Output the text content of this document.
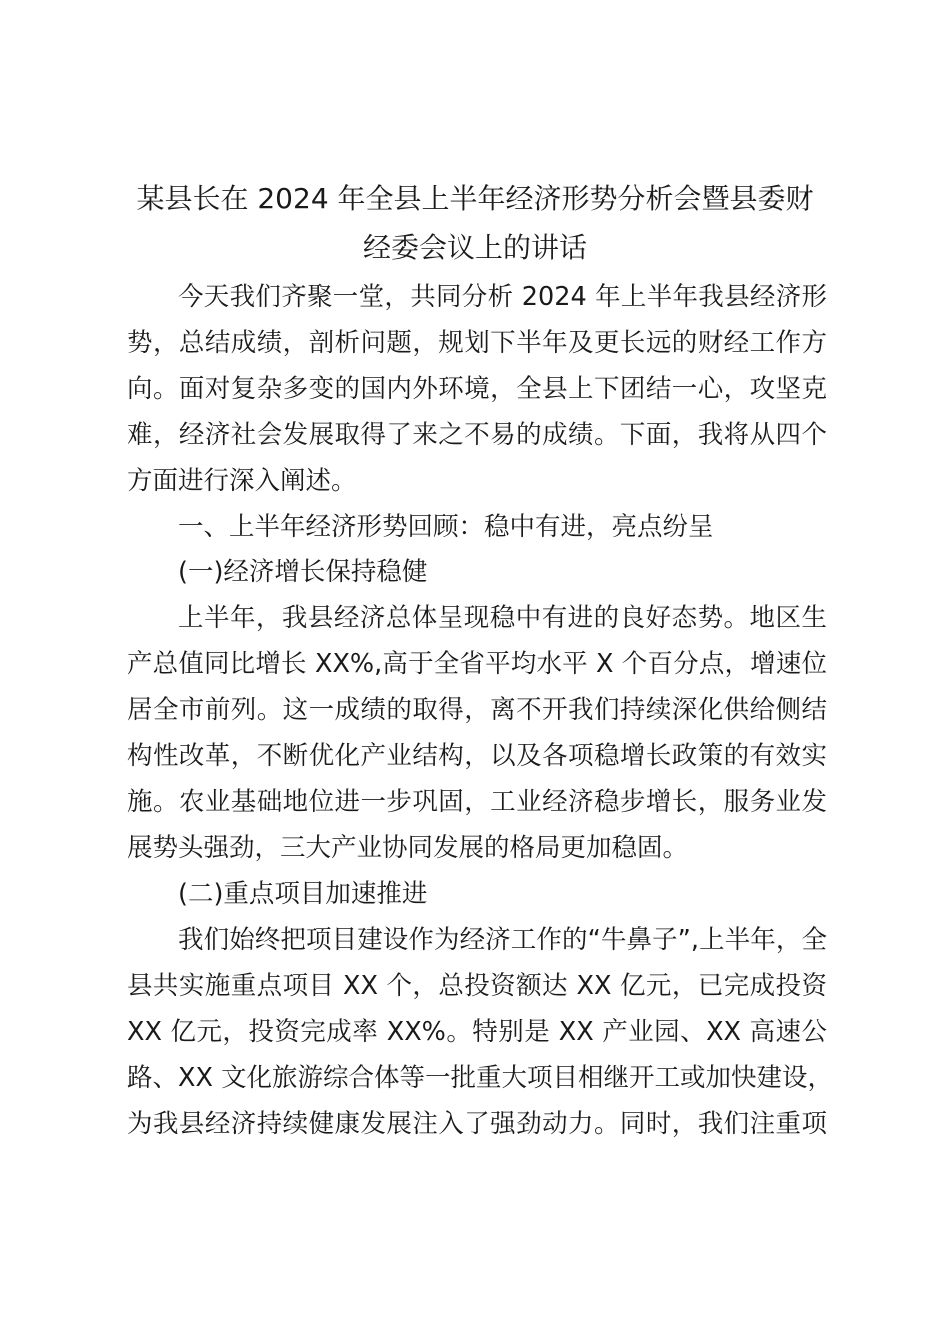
某县长在 2024 年全县上半年经济形势分析会暨县委财
经委会议上的讲话
今天我们齐聚一堂，共同分析 2024 年上半年我县经济形
势，总结成绩，剖析问题，规划下半年及更长远的财经工作方
向。面对复杂多变的国内外环境，全县上下团结一心，攻坚克
难，经济社会发展取得了来之不易的成绩。下面，我将从四个
方面进行深入阐述。
一、上半年经济形势回顾：稳中有进，亮点纷呈
(一)经济增长保持稳健
上半年，我县经济总体呈现稳中有进的良好态势。地区生
产总值同比增长 XX%,高于全省平均水平 X 个百分点，增速位
居全市前列。这一成绩的取得，离不开我们持续深化供给侧结
构性改革，不断优化产业结构，以及各项稳增长政策的有效实
施。农业基础地位进一步巩固，工业经济稳步增长，服务业发
展势头强劲，三大产业协同发展的格局更加稳固。
(二)重点项目加速推进
我们始终把项目建设作为经济工作的“牛鼻子”,上半年，全
县共实施重点项目 XX 个，总投资额达 XX 亿元，已完成投资
XX 亿元，投资完成率 XX%。特别是 XX 产业园、XX 高速公
路、XX 文化旅游综合体等一批重大项目相继开工或加快建设，
为我县经济持续健康发展注入了强劲动力。同时，我们注重项
